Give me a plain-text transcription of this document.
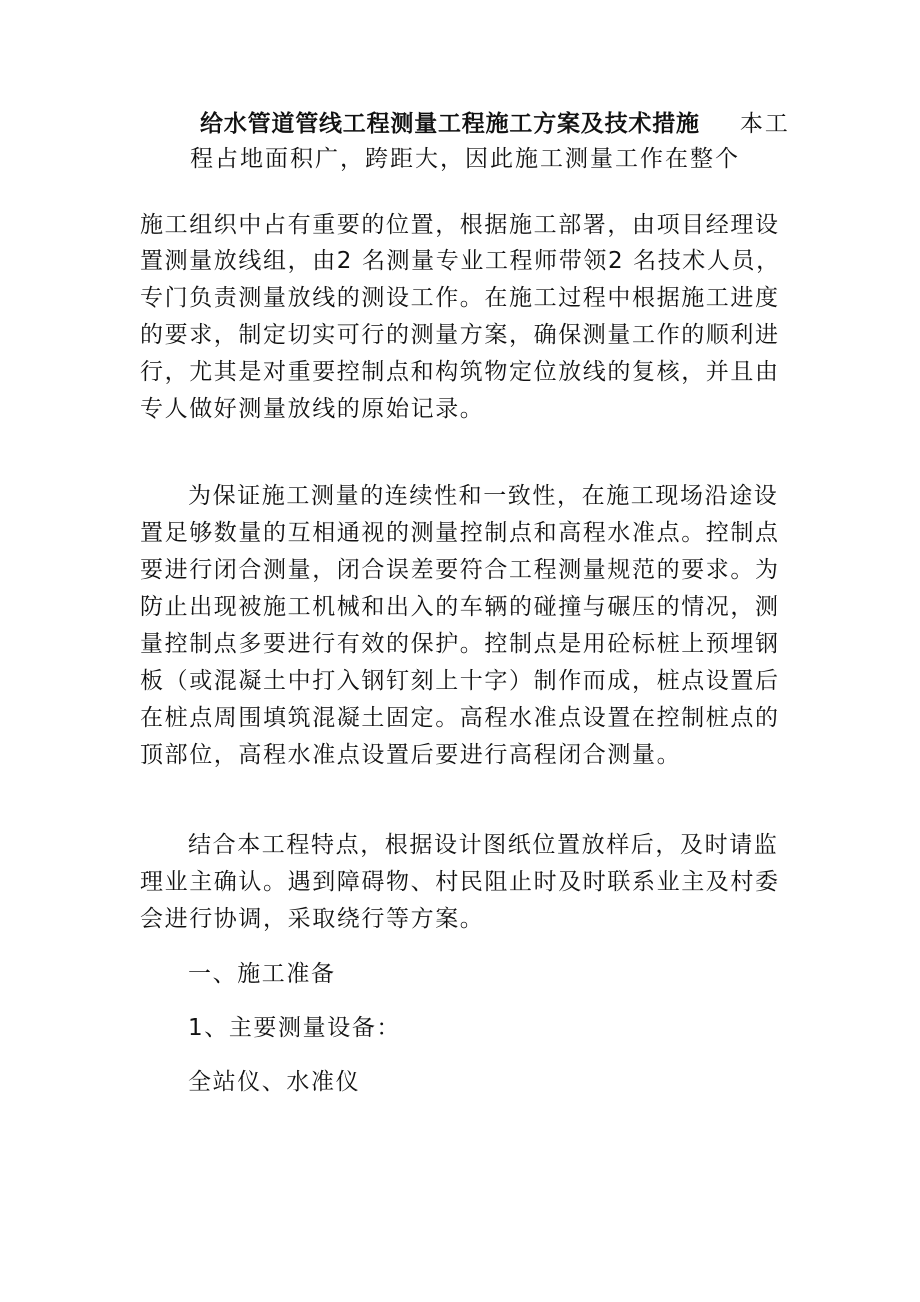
给水管道管线工程测量工程施工方案及技术措施 本工
程占地面积广，跨距大，因此施工测量工作在整个
施工组织中占有重要的位置，根据施工部署，由项目经理设
置测量放线组，由2 名测量专业工程师带领2 名技术人员，
专门负责测量放线的测设工作。在施工过程中根据施工进度
的要求，制定切实可行的测量方案，确保测量工作的顺利进
行，尤其是对重要控制点和构筑物定位放线的复核，并且由
专人做好测量放线的原始记录。
为保证施工测量的连续性和一致性，在施工现场沿途设
置足够数量的互相通视的测量控制点和高程水准点。控制点
要进行闭合测量，闭合误差要符合工程测量规范的要求。为
防止出现被施工机械和出入的车辆的碰撞与碾压的情况，测
量控制点多要进行有效的保护。控制点是用砼标桩上预埋钢
板（或混凝土中打入钢钉刻上十字）制作而成，桩点设置后
在桩点周围填筑混凝土固定。高程水准点设置在控制桩点的
顶部位，高程水准点设置后要进行高程闭合测量。
结合本工程特点，根据设计图纸位置放样后，及时请监
理业主确认。遇到障碍物、村民阻止时及时联系业主及村委
会进行协调，采取绕行等方案。
一、施工准备
1、主要测量设备：
全站仪、水准仪
